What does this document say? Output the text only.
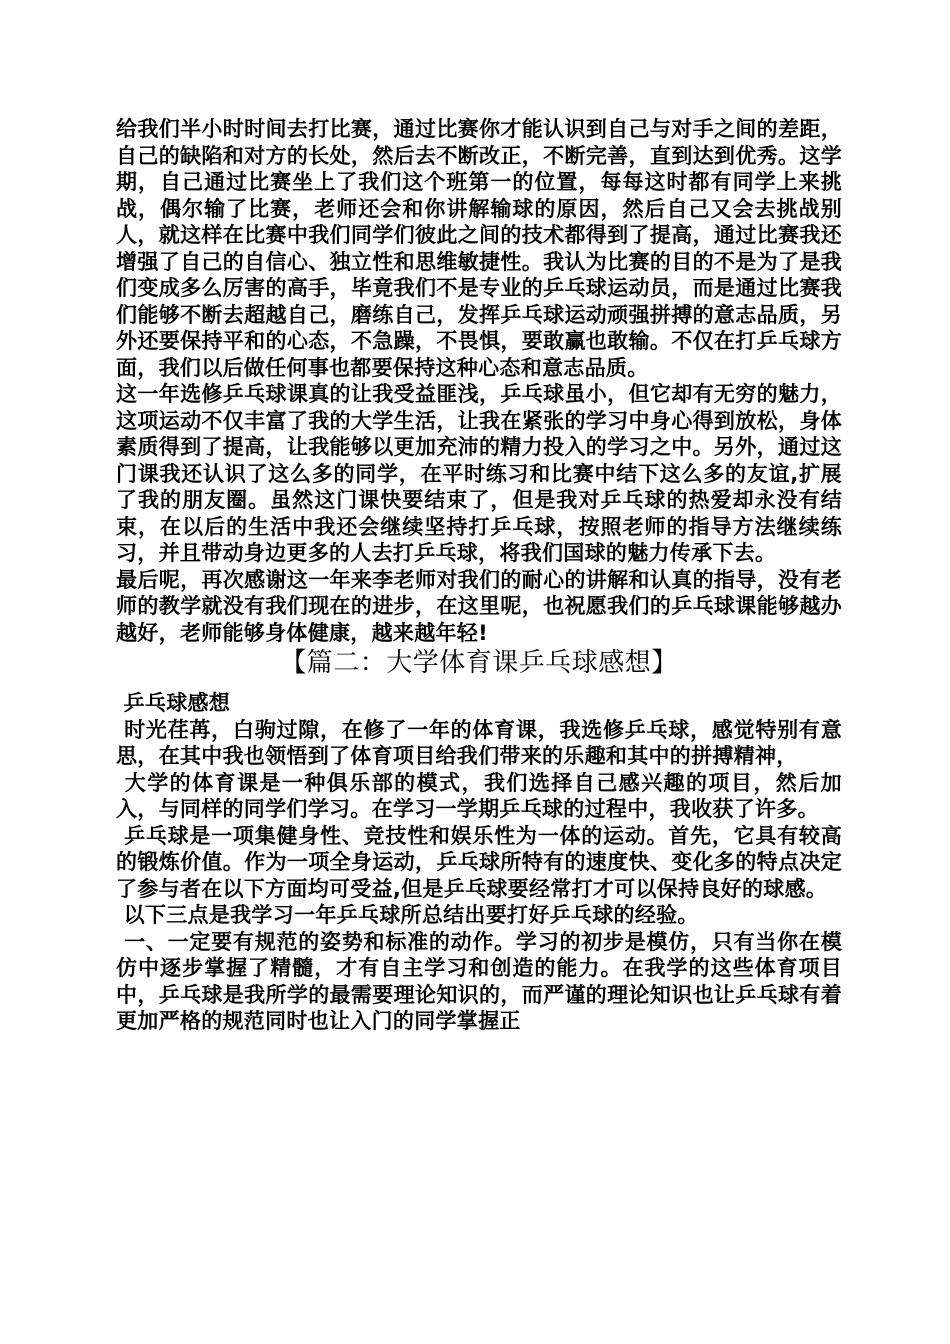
给我们半小时时间去打比赛，通过比赛你才能认识到自己与对手之间的差距，自己的缺陷和对方的长处，然后去不断改正，不断完善，直到达到优秀。这学期，自己通过比赛坐上了我们这个班第一的位置，每每这时都有同学上来挑战，偶尔输了比赛，老师还会和你讲解输球的原因，然后自己又会去挑战别人，就这样在比赛中我们同学们彼此之间的技术都得到了提高，通过比赛我还增强了自己的自信心、独立性和思维敏捷性。我认为比赛的目的不是为了是我们变成多么厉害的高手，毕竟我们不是专业的乒乓球运动员，而是通过比赛我们能够不断去超越自己，磨练自己，发挥乒乓球运动顽强拼搏的意志品质，另外还要保持平和的心态，不急躁，不畏惧，要敢赢也敢输。不仅在打乒乓球方面，我们以后做任何事也都要保持这种心态和意志品质。

这一年选修乒乓球课真的让我受益匪浅，乒乓球虽小，但它却有无穷的魅力，这项运动不仅丰富了我的大学生活，让我在紧张的学习中身心得到放松，身体素质得到了提高，让我能够以更加充沛的精力投入的学习之中。另外，通过这门课我还认识了这么多的同学，在平时练习和比赛中结下这么多的友谊,扩展了我的朋友圈。虽然这门课快要结束了，但是我对乒乓球的热爱却永没有结束，在以后的生活中我还会继续坚持打乒乓球，按照老师的指导方法继续练习，并且带动身边更多的人去打乒乓球，将我们国球的魅力传承下去。

最后呢，再次感谢这一年来李老师对我们的耐心的讲解和认真的指导，没有老师的教学就没有我们现在的进步，在这里呢，也祝愿我们的乒乓球课能够越办越好，老师能够身体健康，越来越年轻!

【篇二：大学体育课乒乓球感想】

乒乓球感想

时光荏苒，白驹过隙，在修了一年的体育课，我选修乒乓球，感觉特别有意思，在其中我也领悟到了体育项目给我们带来的乐趣和其中的拼搏精神，

大学的体育课是一种俱乐部的模式，我们选择自己感兴趣的项目，然后加入，与同样的同学们学习。在学习一学期乒乓球的过程中，我收获了许多。

乒乓球是一项集健身性、竞技性和娱乐性为一体的运动。首先，它具有较高的锻炼价值。作为一项全身运动，乒乓球所特有的速度快、变化多的特点决定了参与者在以下方面均可受益,但是乒乓球要经常打才可以保持良好的球感。

以下三点是我学习一年乒乓球所总结出要打好乒乓球的经验。

一、一定要有规范的姿势和标准的动作。学习的初步是模仿，只有当你在模仿中逐步掌握了精髓，才有自主学习和创造的能力。在我学的这些体育项目中，乒乓球是我所学的最需要理论知识的，而严谨的理论知识也让乒乓球有着更加严格的规范同时也让入门的同学掌握正
